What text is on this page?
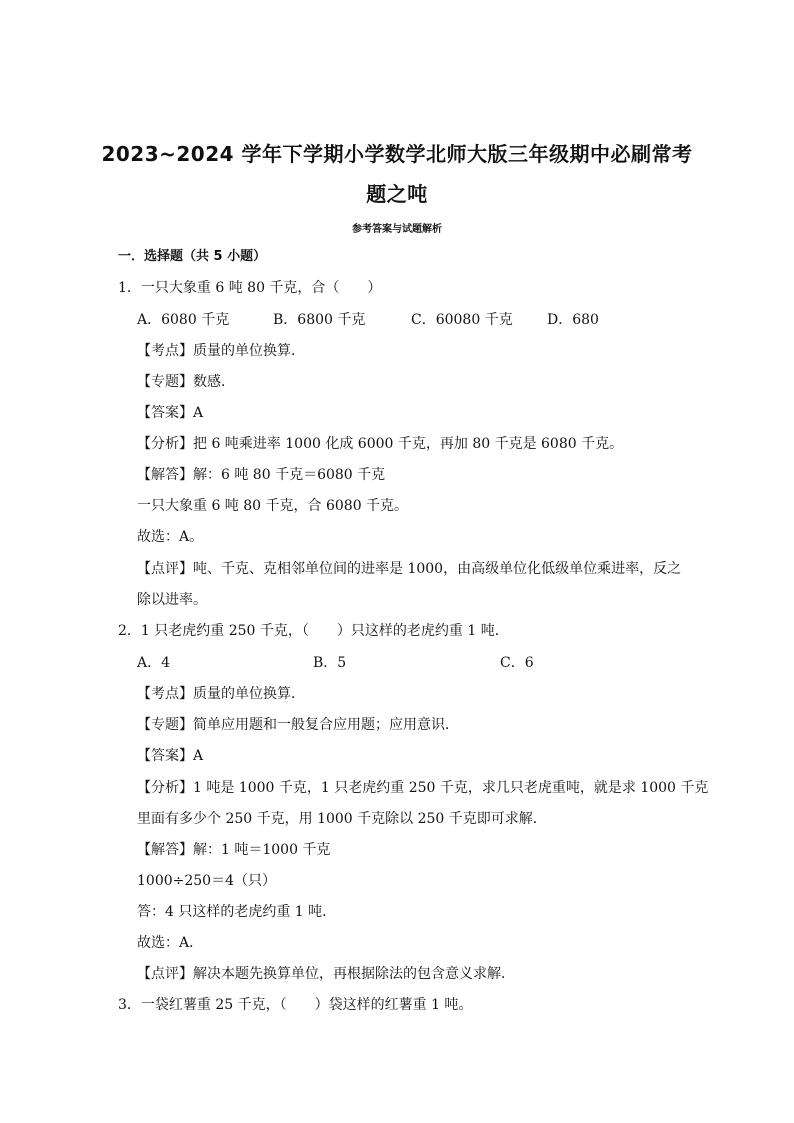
2023~2024 学年下学期小学数学北师大版三年级期中必刷常考
题之吨
参考答案与试题解析
一．选择题（共 5 小题）
1．一只大象重 6 吨 80 千克，合（　　）
A．6080 千克	B．6800 千克	C．60080 千克 D．680
【考点】质量的单位换算．
【专题】数感．
【答案】A
【分析】把 6 吨乘进率 1000 化成 6000 千克，再加 80 千克是 6080 千克。
【解答】解：6 吨 80 千克＝6080 千克
一只大象重 6 吨 80 千克，合 6080 千克。
故选：A。
【点评】吨、千克、克相邻单位间的进率是 1000，由高级单位化低级单位乘进率，反之
除以进率。
2．1 只老虎约重 250 千克，（　　）只这样的老虎约重 1 吨．
A．4	B．5	C．6
【考点】质量的单位换算．
【专题】简单应用题和一般复合应用题；应用意识．
【答案】A
【分析】1 吨是 1000 千克，1 只老虎约重 250 千克，求几只老虎重吨，就是求 1000 千克
里面有多少个 250 千克，用 1000 千克除以 250 千克即可求解．
【解答】解：1 吨＝1000 千克
1000÷250＝4（只）
答：4 只这样的老虎约重 1 吨．
故选：A．
【点评】解决本题先换算单位，再根据除法的包含意义求解．
3．一袋红薯重 25 千克，（　　）袋这样的红薯重 1 吨。
